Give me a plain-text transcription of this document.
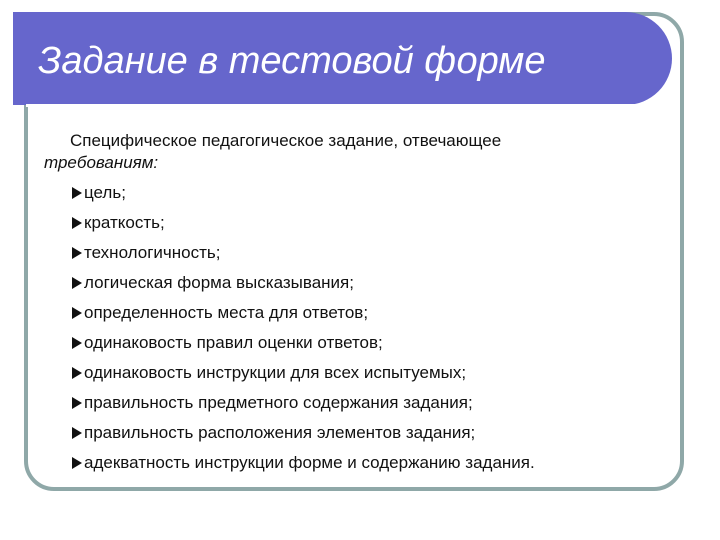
Задание в тестовой форме
Специфическое педагогическое задание, отвечающее
требованиям:
цель;
краткость;
технологичность;
логическая форма высказывания;
определенность места для ответов;
одинаковость правил оценки ответов;
одинаковость инструкции для всех испытуемых;
правильность предметного содержания задания;
правильность расположения элементов задания;
адекватность инструкции форме и содержанию задания.
